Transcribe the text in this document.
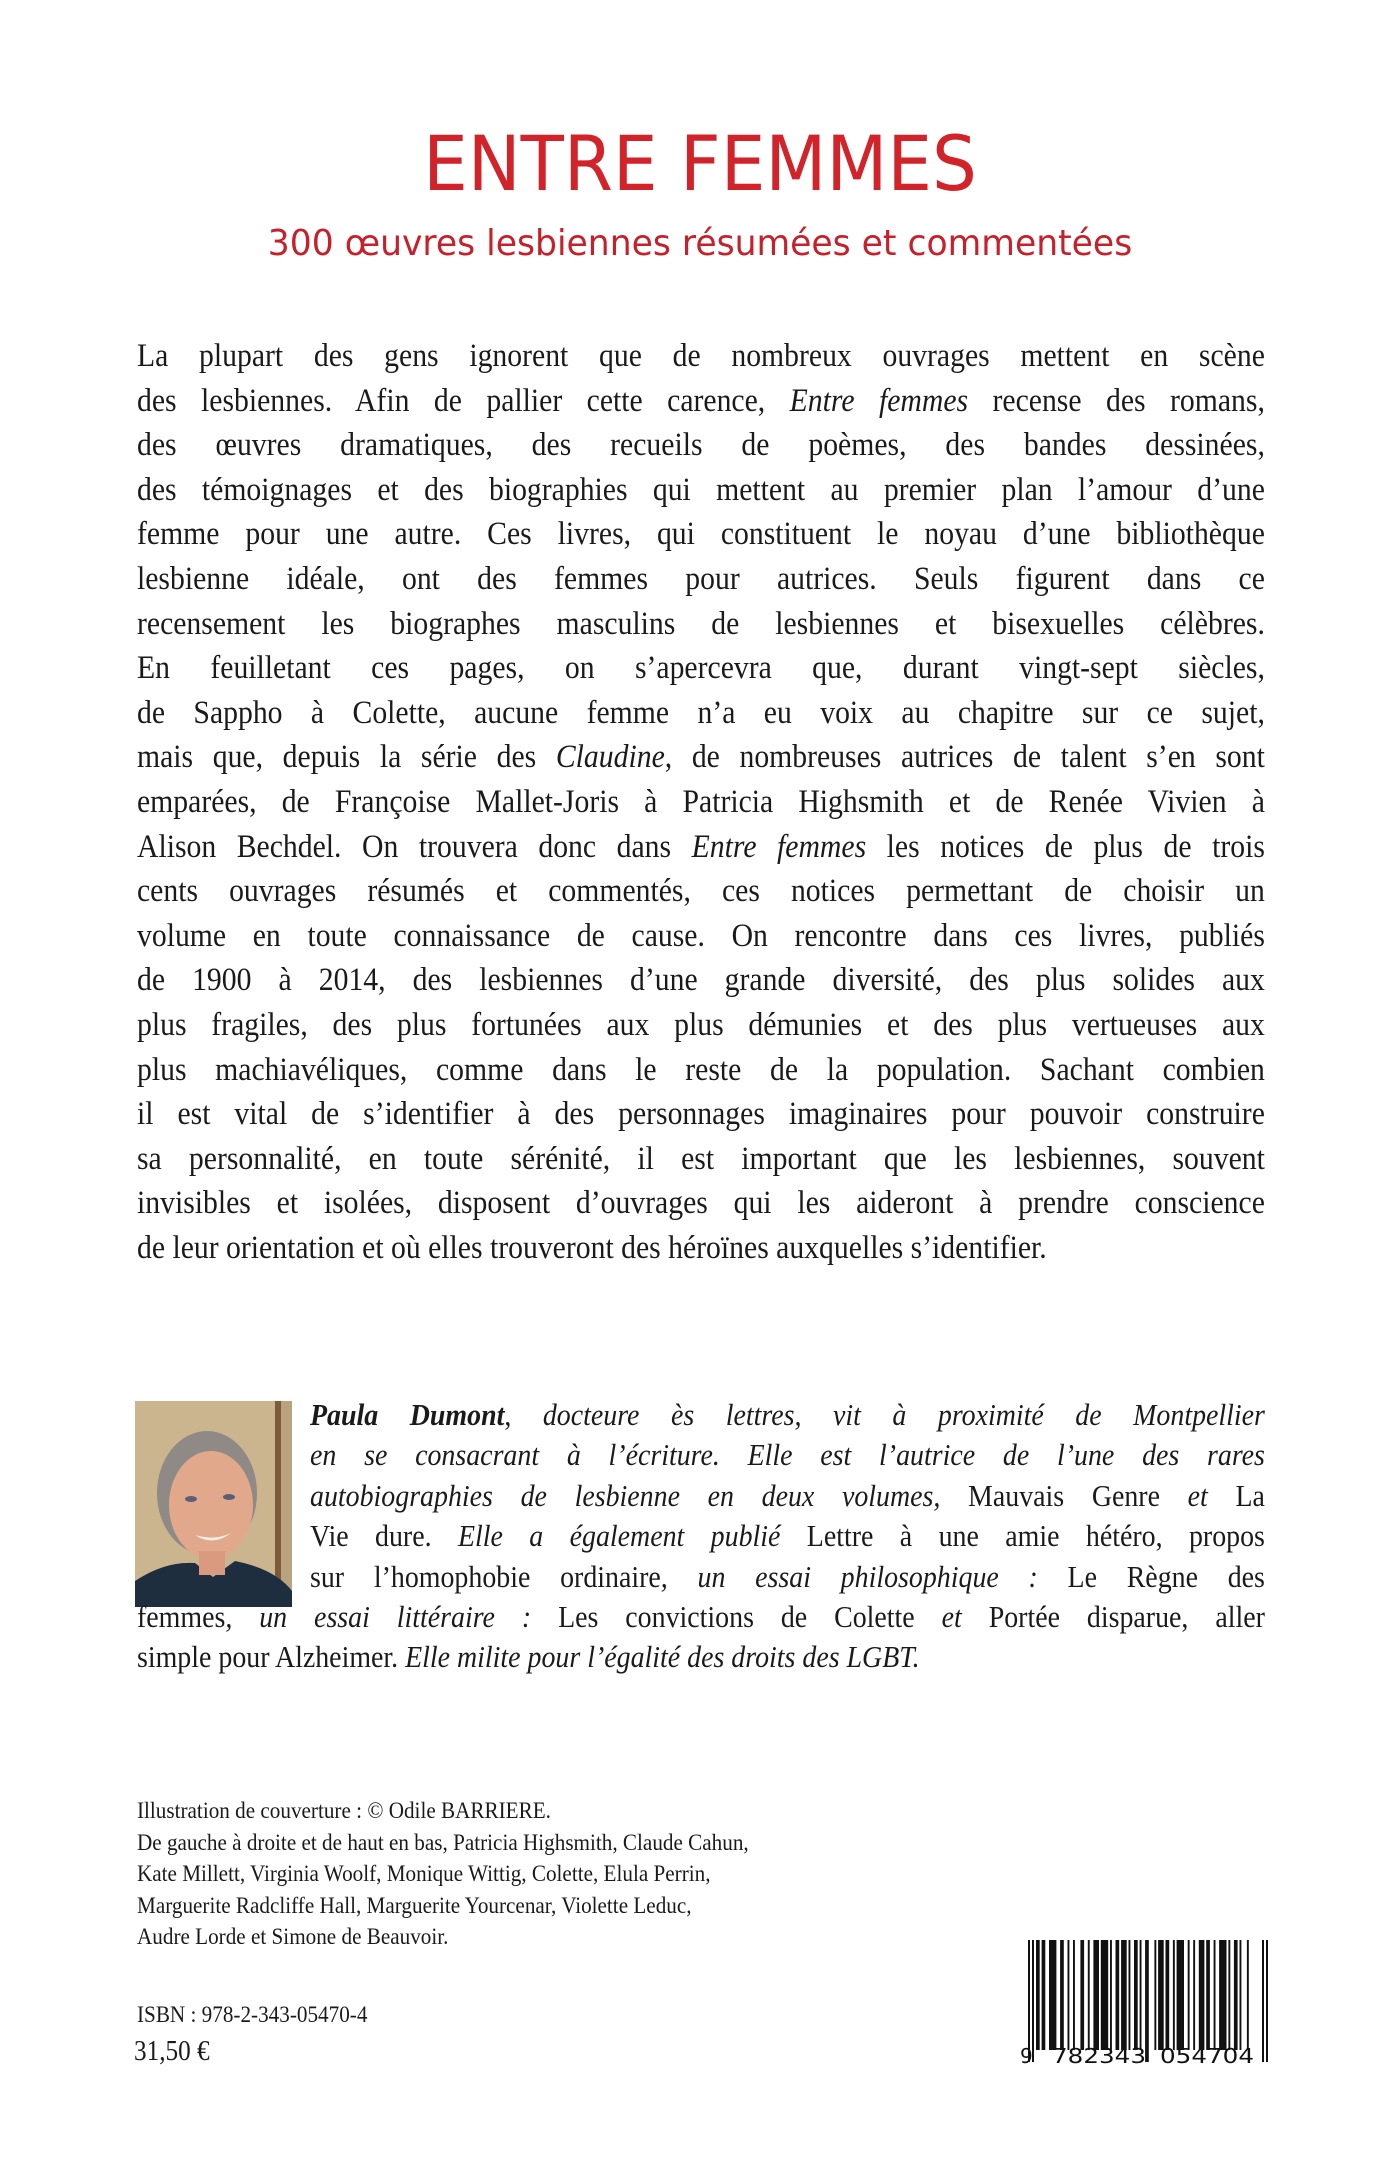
ENTRE FEMMES
300 œuvres lesbiennes résumées et commentées
La plupart des gens ignorent que de nombreux ouvrages mettent en scène
des lesbiennes. Afin de pallier cette carence, Entre femmes recense des romans,
des œuvres dramatiques, des recueils de poèmes, des bandes dessinées,
des témoignages et des biographies qui mettent au premier plan l’amour d’une
femme pour une autre. Ces livres, qui constituent le noyau d’une bibliothèque
lesbienne idéale, ont des femmes pour autrices. Seuls figurent dans ce
recensement les biographes masculins de lesbiennes et bisexuelles célèbres.
En feuilletant ces pages, on s’apercevra que, durant vingt-sept siècles,
de Sappho à Colette, aucune femme n’a eu voix au chapitre sur ce sujet,
mais que, depuis la série des Claudine, de nombreuses autrices de talent s’en sont
emparées, de Françoise Mallet-Joris à Patricia Highsmith et de Renée Vivien à
Alison Bechdel. On trouvera donc dans Entre femmes les notices de plus de trois
cents ouvrages résumés et commentés, ces notices permettant de choisir un
volume en toute connaissance de cause. On rencontre dans ces livres, publiés
de 1900 à 2014, des lesbiennes d’une grande diversité, des plus solides aux
plus fragiles, des plus fortunées aux plus démunies et des plus vertueuses aux
plus machiavéliques, comme dans le reste de la population. Sachant combien
il est vital de s’identifier à des personnages imaginaires pour pouvoir construire
sa personnalité, en toute sérénité, il est important que les lesbiennes, souvent
invisibles et isolées, disposent d’ouvrages qui les aideront à prendre conscience
de leur orientation et où elles trouveront des héroïnes auxquelles s’identifier.
Paula Dumont, docteure ès lettres, vit à proximité de Montpellier
en se consacrant à l’écriture. Elle est l’autrice de l’une des rares
autobiographies de lesbienne en deux volumes, Mauvais Genre et La
Vie dure. Elle a également publié Lettre à une amie hétéro, propos
sur l’homophobie ordinaire, un essai philosophique : Le Règne des
femmes, un essai littéraire : Les convictions de Colette et Portée disparue, aller
simple pour Alzheimer. Elle milite pour l’égalité des droits des LGBT.
Illustration de couverture : © Odile BARRIERE.
De gauche à droite et de haut en bas, Patricia Highsmith, Claude Cahun,
Kate Millett, Virginia Woolf, Monique Wittig, Colette, Elula Perrin,
Marguerite Radcliffe Hall, Marguerite Yourcenar, Violette Leduc,
Audre Lorde et Simone de Beauvoir.
ISBN : 978-2-343-05470-4
31,50 €	9 782343 054704
